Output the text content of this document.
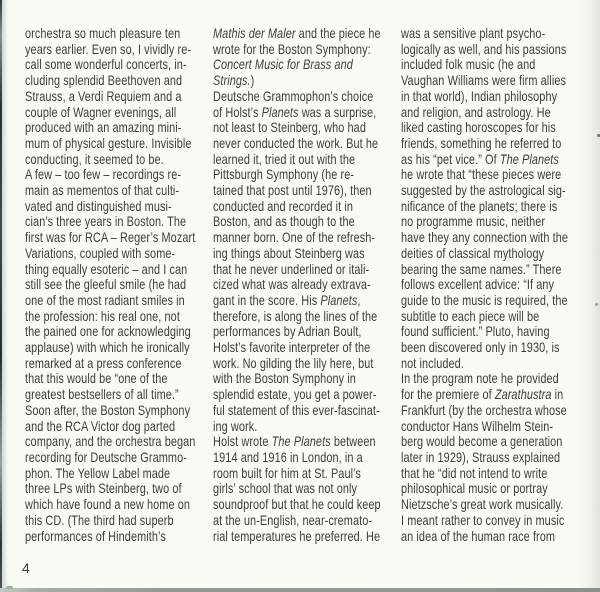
orchestra so much pleasure ten
years earlier. Even so, I vividly re-
call some wonderful concerts, in-
cluding splendid Beethoven and
Strauss, a Verdi Requiem and a
couple of Wagner evenings, all
produced with an amazing mini-
mum of physical gesture. Invisible
conducting, it seemed to be.
A few – too few – recordings re-
main as mementos of that culti-
vated and distinguished musi-
cian’s three years in Boston. The
first was for RCA – Reger’s Mozart
Variations, coupled with some-
thing equally esoteric – and I can
still see the gleeful smile (he had
one of the most radiant smiles in
the profession: his real one, not
the pained one for acknowledging
applause) with which he ironically
remarked at a press conference
that this would be “one of the
greatest bestsellers of all time.”
Soon after, the Boston Symphony
and the RCA Victor dog parted
company, and the orchestra began
recording for Deutsche Grammo-
phon. The Yellow Label made
three LPs with Steinberg, two of
which have found a new home on
this CD. (The third had superb
performances of Hindemith’s
Mathis der Maler and the piece he
wrote for the Boston Symphony:
Concert Music for Brass and
Strings.)
Deutsche Grammophon’s choice
of Holst’s Planets was a surprise,
not least to Steinberg, who had
never conducted the work. But he
learned it, tried it out with the
Pittsburgh Symphony (he re-
tained that post until 1976), then
conducted and recorded it in
Boston, and as though to the
manner born. One of the refresh-
ing things about Steinberg was
that he never underlined or itali-
cized what was already extrava-
gant in the score. His Planets,
therefore, is along the lines of the
performances by Adrian Boult,
Holst’s favorite interpreter of the
work. No gilding the lily here, but
with the Boston Symphony in
splendid estate, you get a power-
ful statement of this ever-fascinat-
ing work.
Holst wrote The Planets between
1914 and 1916 in London, in a
room built for him at St. Paul’s
girls’ school that was not only
soundproof but that he could keep
at the un-English, near-cremato-
rial temperatures he preferred. He
was a sensitive plant psycho-
logically as well, and his passions
included folk music (he and
Vaughan Williams were firm allies
in that world), Indian philosophy
and religion, and astrology. He
liked casting horoscopes for his
friends, something he referred to
as his “pet vice.” Of The Planets
he wrote that “these pieces were
suggested by the astrological sig-
nificance of the planets; there is
no programme music, neither
have they any connection with the
deities of classical mythology
bearing the same names.” There
follows excellent advice: “If any
guide to the music is required, the
subtitle to each piece will be
found sufficient.” Pluto, having
been discovered only in 1930, is
not included.
In the program note he provided
for the premiere of Zarathustra in
Frankfurt (by the orchestra whose
conductor Hans Wilhelm Stein-
berg would become a generation
later in 1929), Strauss explained
that he “did not intend to write
philosophical music or portray
Nietzsche’s great work musically.
I meant rather to convey in music
an idea of the human race from
4
